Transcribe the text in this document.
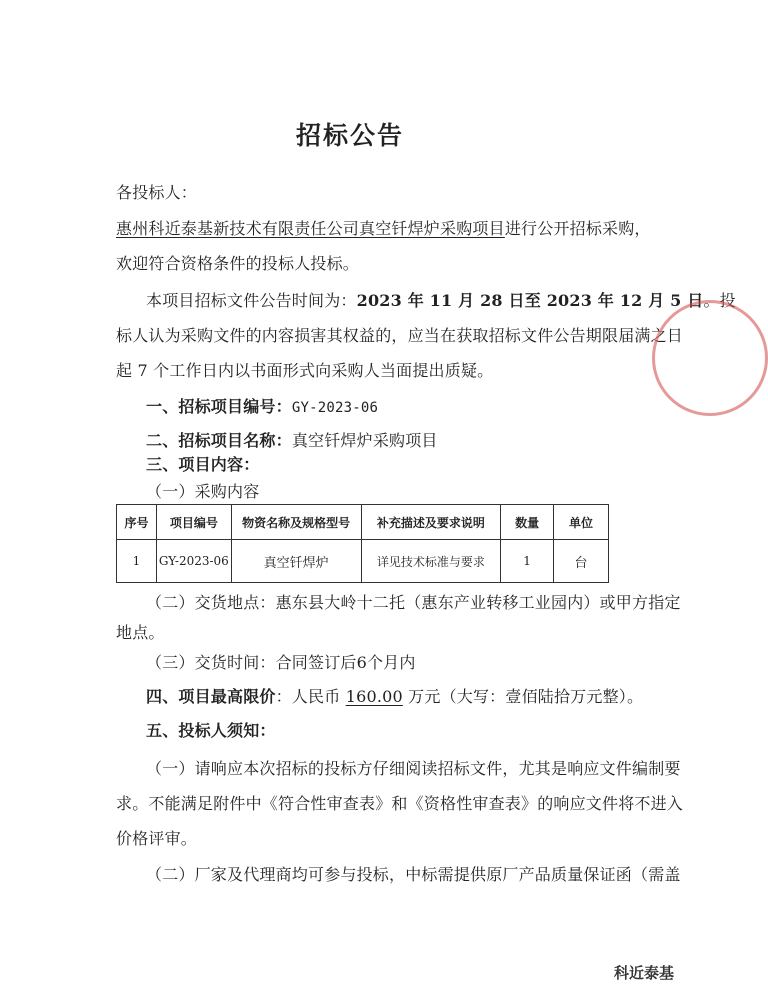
招标公告
各投标人：
惠州科近泰基新技术有限责任公司真空钎焊炉采购项目进行公开招标采购，
欢迎符合资格条件的投标人投标。
本项目招标文件公告时间为：2023 年 11 月 28 日至 2023 年 12 月 5 日。投
标人认为采购文件的内容损害其权益的，应当在获取招标文件公告期限届满之日
起 7 个工作日内以书面形式向采购人当面提出质疑。
一、招标项目编号：GY-2023-06
二、招标项目名称：真空钎焊炉采购项目
三、项目内容：
（一）采购内容
序号	项目编号	物资名称及规格型号	补充描述及要求说明	数量	单位
1	GY-2023-06	真空钎焊炉	详见技术标准与要求	1	台
（二）交货地点：惠东县大岭十二托（惠东产业转移工业园内）或甲方指定
地点。
（三）交货时间：合同签订后6个月内
四、项目最高限价：人民币 160.00 万元（大写：壹佰陆拾万元整）。
五、投标人须知：
（一）请响应本次招标的投标方仔细阅读招标文件，尤其是响应文件编制要
求。不能满足附件中《符合性审查表》和《资格性审查表》的响应文件将不进入
价格评审。
（二）厂家及代理商均可参与投标，中标需提供原厂产品质量保证函（需盖
科近泰基
